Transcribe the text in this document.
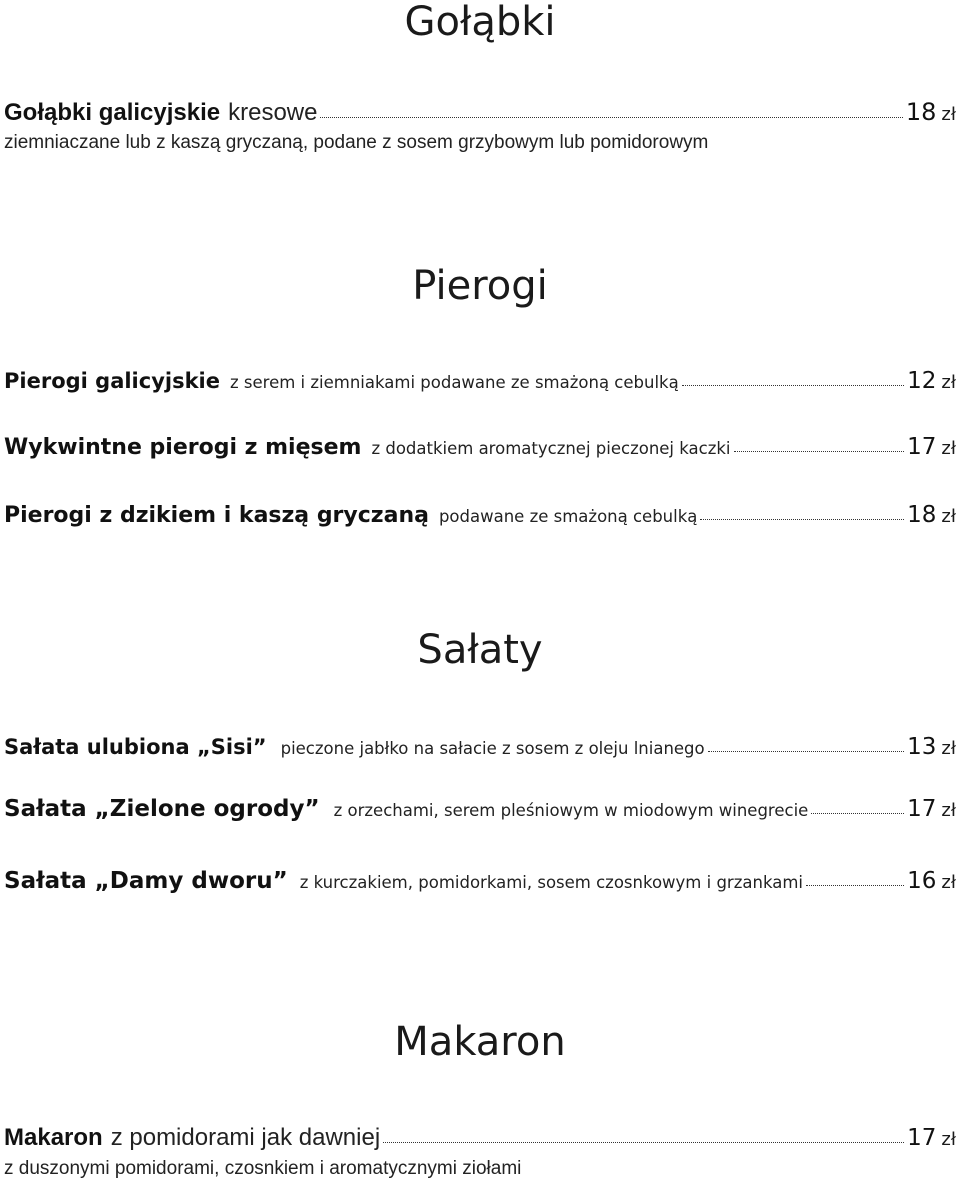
Gołąbki
Gołąbki galicyjskie kresowe	18 zł
ziemniaczane lub z kaszą gryczaną, podane z sosem grzybowym lub pomidorowym
Pierogi
Pierogi galicyjskie z serem i ziemniakami podawane ze smażoną cebulką	12 zł
Wykwintne pierogi z mięsem z dodatkiem aromatycznej pieczonej kaczki	17 zł
Pierogi z dzikiem i kaszą gryczaną podawane ze smażoną cebulką	18 zł
Sałaty
Sałata ulubiona „Sisi” pieczone jabłko na sałacie z sosem z oleju lnianego	13 zł
Sałata „Zielone ogrody” z orzechami, serem pleśniowym w miodowym winegrecie	17 zł
Sałata „Damy dworu” z kurczakiem, pomidorkami, sosem czosnkowym i grzankami	16 zł
Makaron
Makaron z pomidorami jak dawniej	17 zł
z duszonymi pomidorami, czosnkiem i aromatycznymi ziołami
